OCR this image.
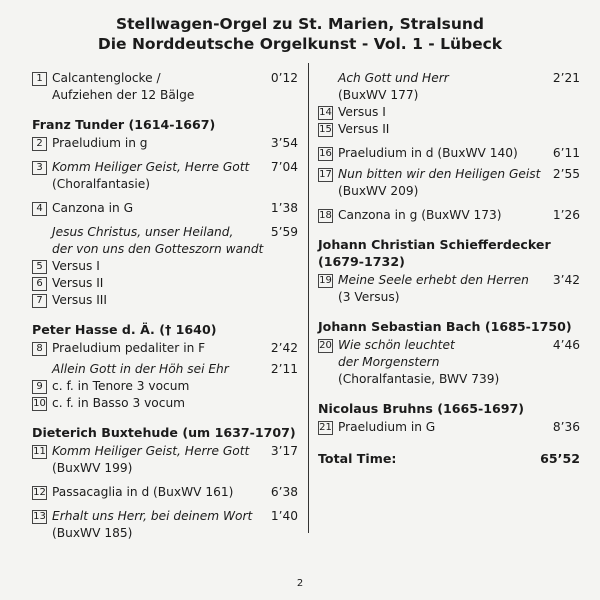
Stellwagen-Orgel zu St. Marien, Stralsund
Die Norddeutsche Orgelkunst - Vol. 1 - Lübeck
1 Calcantenglocke /
Aufziehen der 12 Bälge
0’12
Franz Tunder (1614-1667)
2 Praeludium in g	3’54
3 Komm Heiliger Geist, Herre Gott
(Choralfantasie)
7’04
4 Canzona in G	1’38
Jesus Christus, unser Heiland,
der von uns den Gotteszorn wandt
5’59
5 Versus I
6 Versus II
7 Versus III
Peter Hasse d. Ä. († 1640)
8 Praeludium pedaliter in F	2’42
Allein Gott in der Höh sei Ehr	2’11
9 c. f. in Tenore 3 vocum
10 c. f. in Basso 3 vocum
Dieterich Buxtehude (um 1637-1707)
11 Komm Heiliger Geist, Herre Gott
(BuxWV 199)
3’17
12 Passacaglia in d (BuxWV 161)	6’38
13 Erhalt uns Herr, bei deinem Wort
(BuxWV 185)
1’40
Ach Gott und Herr
(BuxWV 177)
2’21
14 Versus I
15 Versus II
16 Praeludium in d (BuxWV 140)	6’11
17 Nun bitten wir den Heiligen Geist
(BuxWV 209)
2’55
18 Canzona in g (BuxWV 173)	1’26
Johann Christian Schiefferdecker
(1679-1732)
19 Meine Seele erhebt den Herren
(3 Versus)
3’42
Johann Sebastian Bach (1685-1750)
20 Wie schön leuchtet
der Morgenstern
(Choralfantasie, BWV 739)
4’46
Nicolaus Bruhns (1665-1697)
21 Praeludium in G	8’36
Total Time:	65’52
2
